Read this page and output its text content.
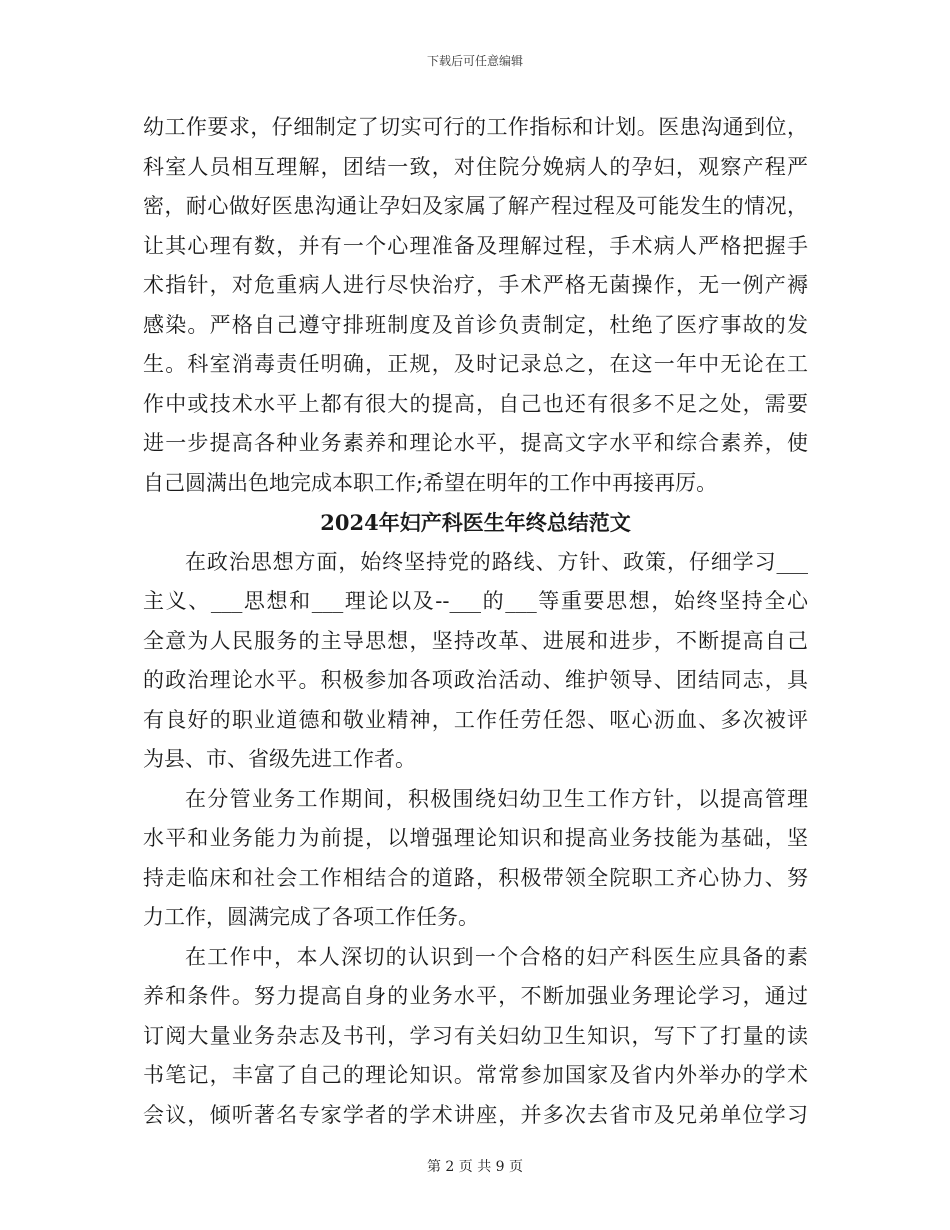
下载后可任意编辑
幼工作要求，仔细制定了切实可行的工作指标和计划。医患沟通到位，
科室人员相互理解，团结一致，对住院分娩病人的孕妇，观察产程严
密，耐心做好医患沟通让孕妇及家属了解产程过程及可能发生的情况，
让其心理有数，并有一个心理准备及理解过程，手术病人严格把握手
术指针，对危重病人进行尽快治疗，手术严格无菌操作，无一例产褥
感染。严格自己遵守排班制度及首诊负责制定，杜绝了医疗事故的发
生。科室消毒责任明确，正规，及时记录总之，在这一年中无论在工
作中或技术水平上都有很大的提高，自己也还有很多不足之处，需要
进一步提高各种业务素养和理论水平，提高文字水平和综合素养，使
自己圆满出色地完成本职工作;希望在明年的工作中再接再厉。
2024年妇产科医生年终总结范文
在政治思想方面，始终坚持党的路线、方针、政策，仔细学习___
主义、___思想和___理论以及--___的___等重要思想，始终坚持全心
全意为人民服务的主导思想，坚持改革、进展和进步，不断提高自己
的政治理论水平。积极参加各项政治活动、维护领导、团结同志，具
有良好的职业道德和敬业精神，工作任劳任怨、呕心沥血、多次被评
为县、市、省级先进工作者。
在分管业务工作期间，积极围绕妇幼卫生工作方针，以提高管理
水平和业务能力为前提，以增强理论知识和提高业务技能为基础，坚
持走临床和社会工作相结合的道路，积极带领全院职工齐心协力、努
力工作，圆满完成了各项工作任务。
在工作中，本人深切的认识到一个合格的妇产科医生应具备的素
养和条件。努力提高自身的业务水平，不断加强业务理论学习，通过
订阅大量业务杂志及书刊，学习有关妇幼卫生知识，写下了打量的读
书笔记，丰富了自己的理论知识。常常参加国家及省内外举办的学术
会议，倾听著名专家学者的学术讲座，并多次去省市及兄弟单位学习
第 2 页 共 9 页
